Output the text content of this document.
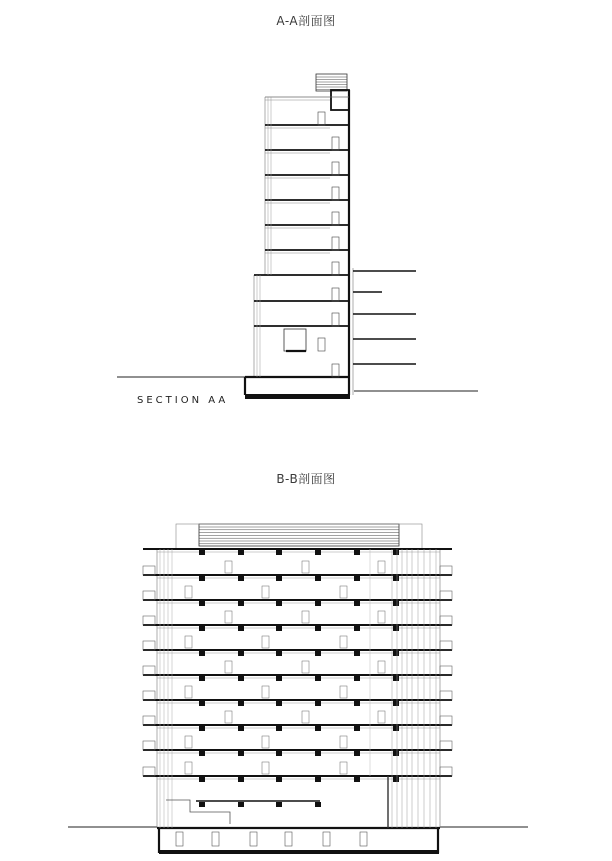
A-A剖面图
SECTION AA
B-B剖面图
